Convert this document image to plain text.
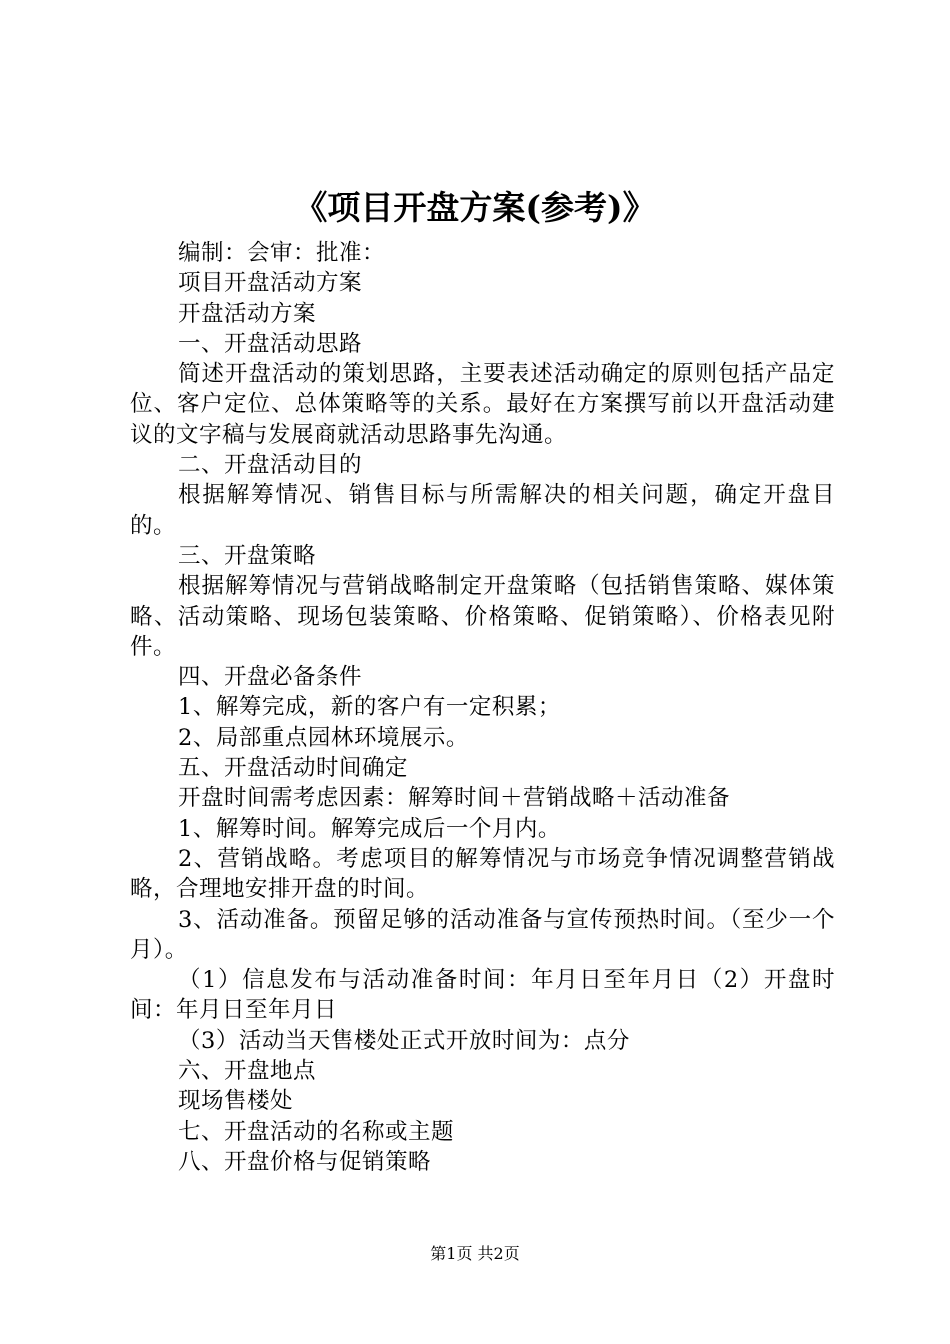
《项目开盘方案(参考)》

编制：会审：批准：

项目开盘活动方案

开盘活动方案

一、开盘活动思路

简述开盘活动的策划思路，主要表述活动确定的原则包括产品定位、客户定位、总体策略等的关系。最好在方案撰写前以开盘活动建议的文字稿与发展商就活动思路事先沟通。

二、开盘活动目的

根据解筹情况、销售目标与所需解决的相关问题，确定开盘目的。

三、开盘策略

根据解筹情况与营销战略制定开盘策略（包括销售策略、媒体策略、活动策略、现场包装策略、价格策略、促销策略）、价格表见附件。

四、开盘必备条件

1、解筹完成，新的客户有一定积累；

2、局部重点园林环境展示。

五、开盘活动时间确定

开盘时间需考虑因素：解筹时间＋营销战略＋活动准备

1、解筹时间。解筹完成后一个月内。

2、营销战略。考虑项目的解筹情况与市场竞争情况调整营销战略，合理地安排开盘的时间。

3、活动准备。预留足够的活动准备与宣传预热时间。（至少一个月）。

（1）信息发布与活动准备时间：年月日至年月日（2）开盘时间：年月日至年月日

（3）活动当天售楼处正式开放时间为：点分

六、开盘地点

现场售楼处

七、开盘活动的名称或主题

八、开盘价格与促销策略

第1页 共2页
